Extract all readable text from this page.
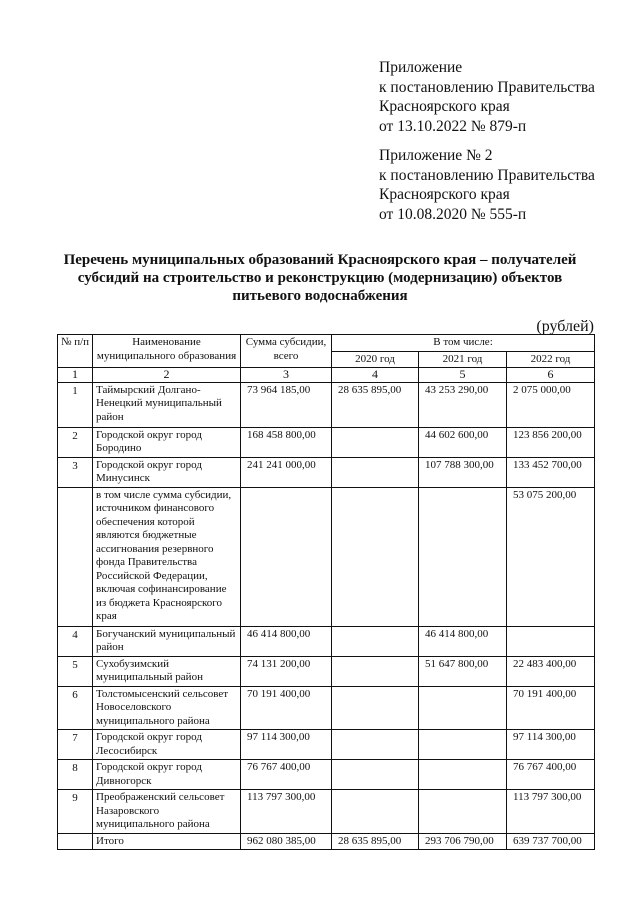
Приложение
к постановлению Правительства
Красноярского края
от 13.10.2022 № 879-п
Приложение № 2
к постановлению Правительства
Красноярского края
от 10.08.2020 № 555-п
Перечень муниципальных образований Красноярского края – получателей
субсидий на строительство и реконструкцию (модернизацию) объектов
питьевого водоснабжения
(рублей)
№ п/п	Наименование муниципального образования	Сумма субсидии, всего	В том числе:		
			2020 год	2021 год	2022 год
1	2	3	4	5	6
1	Таймырский Долгано-Ненецкий муниципальный район	73 964 185,00	28 635 895,00	43 253 290,00	2 075 000,00
2	Городской округ город Бородино	168 458 800,00		44 602 600,00	123 856 200,00
3	Городской округ город Минусинск	241 241 000,00		107 788 300,00	133 452 700,00
	в том числе сумма субсидии, источником финансового обеспечения которой являются бюджетные ассигнования резервного фонда Правительства Российской Федерации, включая софинансирование из бюджета Красноярского края				53 075 200,00
4	Богучанский муниципальный район	46 414 800,00		46 414 800,00	
5	Сухобузимский муниципальный район	74 131 200,00		51 647 800,00	22 483 400,00
6	Толстомысенский сельсовет Новоселовского муниципального района	70 191 400,00			70 191 400,00
7	Городской округ город Лесосибирск	97 114 300,00			97 114 300,00
8	Городской округ город Дивногорск	76 767 400,00			76 767 400,00
9	Преображенский сельсовет Назаровского муниципального района	113 797 300,00			113 797 300,00
	Итого	962 080 385,00	28 635 895,00	293 706 790,00	639 737 700,00
